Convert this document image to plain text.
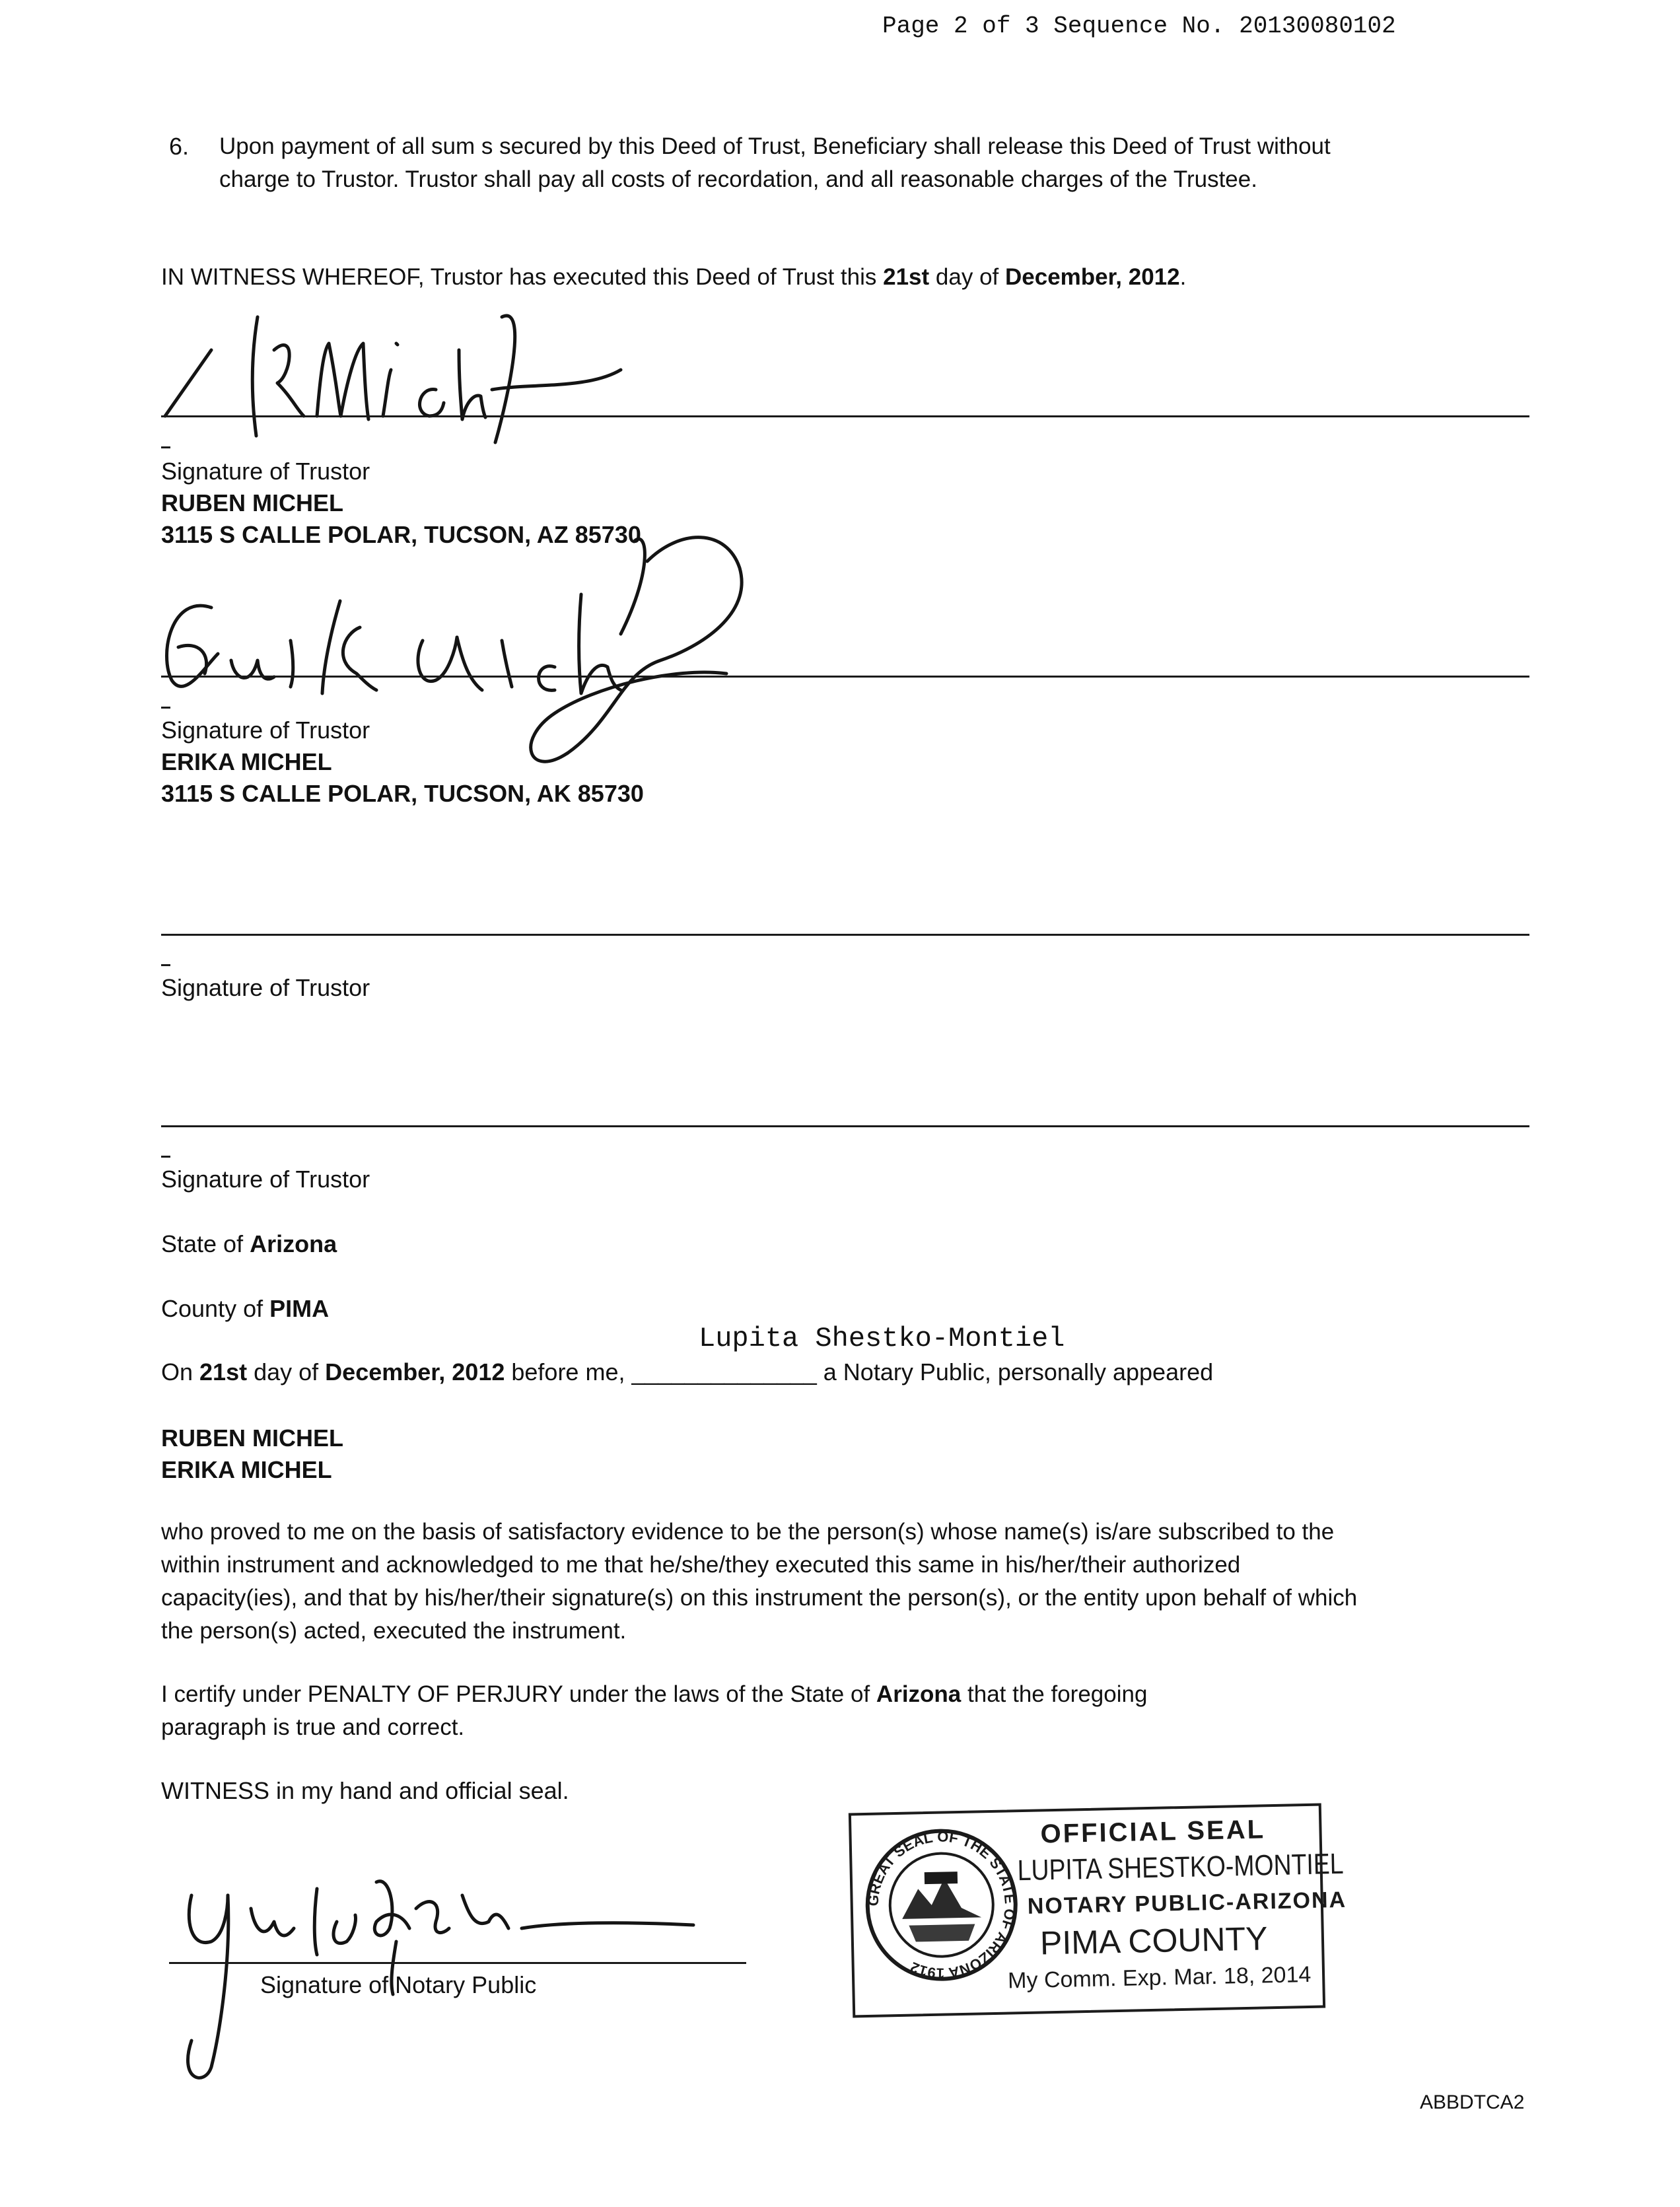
Page 2 of 3 Sequence No. 20130080102
6. Upon payment of all sum s secured by this Deed of Trust, Beneficiary shall release this Deed of Trust without
charge to Trustor. Trustor shall pay all costs of recordation, and all reasonable charges of the Trustee.
IN WITNESS WHEREOF, Trustor has executed this Deed of Trust this 21st day of December, 2012.
Signature of Trustor
RUBEN MICHEL
3115 S CALLE POLAR, TUCSON, AZ 85730
Signature of Trustor
ERIKA MICHEL
3115 S CALLE POLAR, TUCSON, AK 85730
Signature of Trustor
Signature of Trustor
State of Arizona
County of PIMA
Lupita Shestko-Montiel
On 21st day of December, 2012 before me, ______________ a Notary Public, personally appeared
RUBEN MICHEL
ERIKA MICHEL
who proved to me on the basis of satisfactory evidence to be the person(s) whose name(s) is/are subscribed to the
within instrument and acknowledged to me that he/she/they executed this same in his/her/their authorized
capacity(ies), and that by his/her/their signature(s) on this instrument the person(s), or the entity upon behalf of which
the person(s) acted, executed the instrument.
I certify under PENALTY OF PERJURY under the laws of the State of Arizona that the foregoing
paragraph is true and correct.
WITNESS in my hand and official seal.
Signature of Notary Public
GREAT SEAL OF THE STATE OF ARIZONA 1912
OFFICIAL SEAL
LUPITA SHESTKO-MONTIEL
NOTARY PUBLIC-ARIZONA
PIMA COUNTY
My Comm. Exp. Mar. 18, 2014
ABBDTCA2
